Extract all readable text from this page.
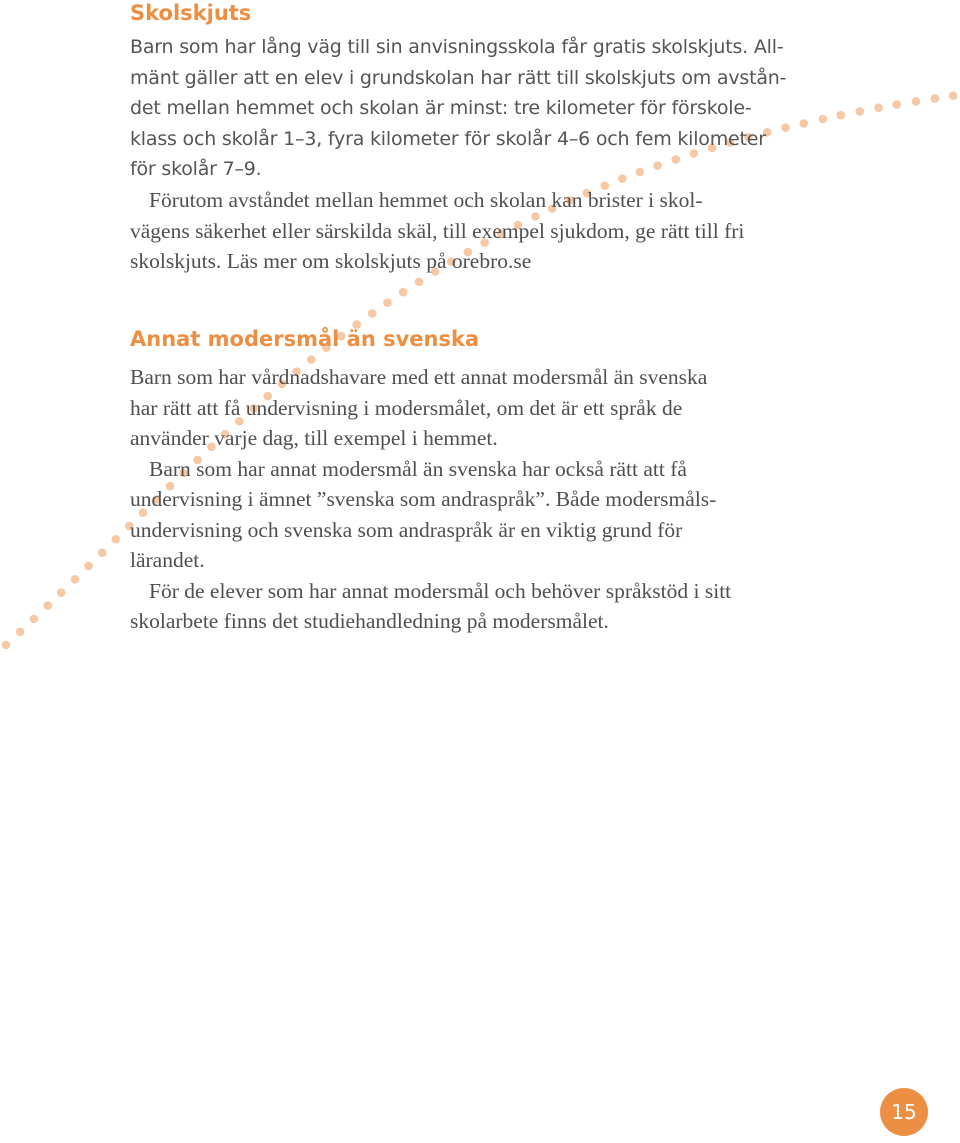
Skolskjuts
Barn som har lång väg till sin anvisningsskola får gratis skolskjuts. All-
mänt gäller att en elev i grundskolan har rätt till skolskjuts om avstån-
det mellan hemmet och skolan är minst: tre kilometer för förskole-
klass och skolår 1–3, fyra kilometer för skolår 4–6 och fem kilometer
för skolår 7–9.
Förutom avståndet mellan hemmet och skolan kan brister i skol-
vägens säkerhet eller särskilda skäl, till exempel sjukdom, ge rätt till fri
skolskjuts. Läs mer om skolskjuts på orebro.se
Annat modersmål än svenska
Barn som har vårdnadshavare med ett annat modersmål än svenska
har rätt att få undervisning i modersmålet, om det är ett språk de
använder varje dag, till exempel i hemmet.
Barn som har annat modersmål än svenska har också rätt att få
undervisning i ämnet ”svenska som andraspråk”. Både modersmåls-
undervisning och svenska som andraspråk är en viktig grund för
lärandet.
För de elever som har annat modersmål och behöver språkstöd i sitt
skolarbete finns det studiehandledning på modersmålet.
15
